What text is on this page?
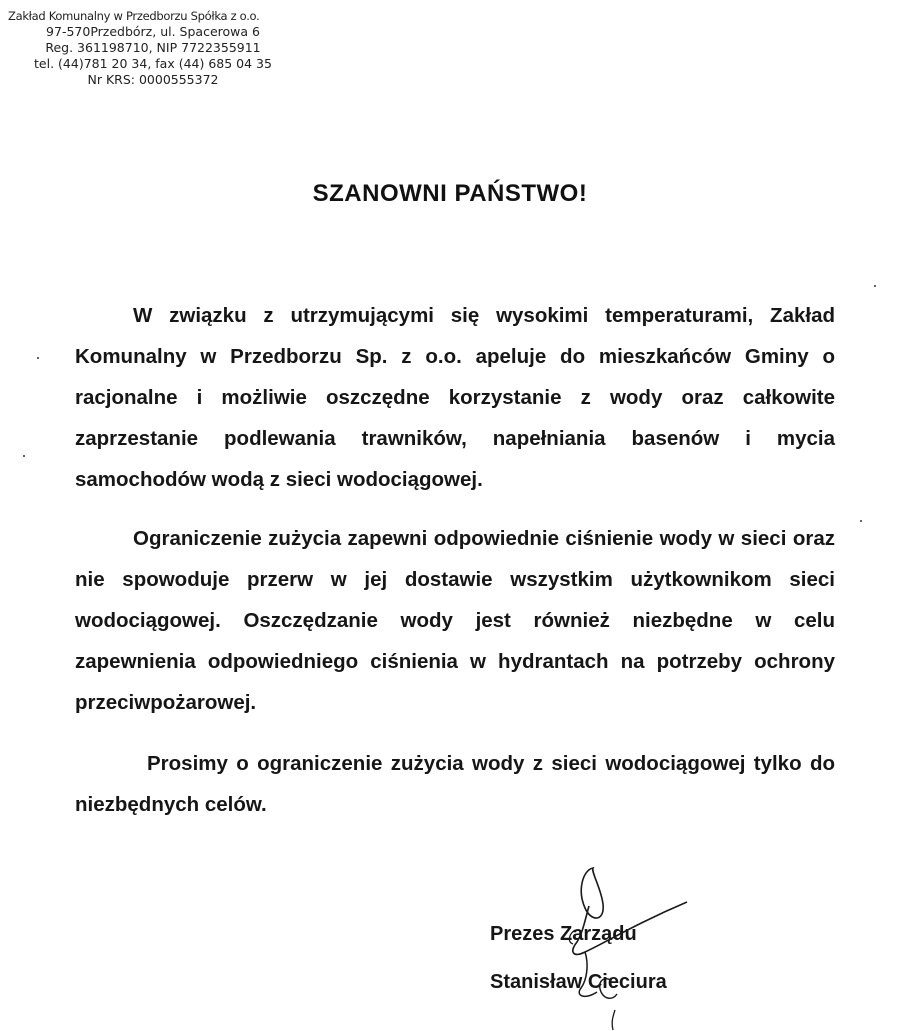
Zakład Komunalny w Przedborzu Spółka z o.o.
97-570Przedbórz, ul. Spacerowa 6
Reg. 361198710, NIP 7722355911
tel. (44)781 20 34, fax (44) 685 04 35
Nr KRS: 0000555372
SZANOWNI PAŃSTWO!
W związku z utrzymującymi się wysokimi temperaturami, Zakład Komunalny w Przedborzu Sp. z o.o. apeluje do mieszkańców Gminy o racjonalne i możliwie oszczędne korzystanie z wody oraz całkowite zaprzestanie podlewania trawników, napełniania basenów i mycia samochodów wodą z sieci wodociągowej.
Ograniczenie zużycia zapewni odpowiednie ciśnienie wody w sieci oraz nie spowoduje przerw w jej dostawie wszystkim użytkownikom sieci wodociągowej. Oszczędzanie wody jest również niezbędne w celu zapewnienia odpowiedniego ciśnienia w hydrantach na potrzeby ochrony przeciwpożarowej.
Prosimy o ograniczenie zużycia wody z sieci wodociągowej tylko do niezbędnych celów.
Prezes Zarządu
Stanisław Cieciura
